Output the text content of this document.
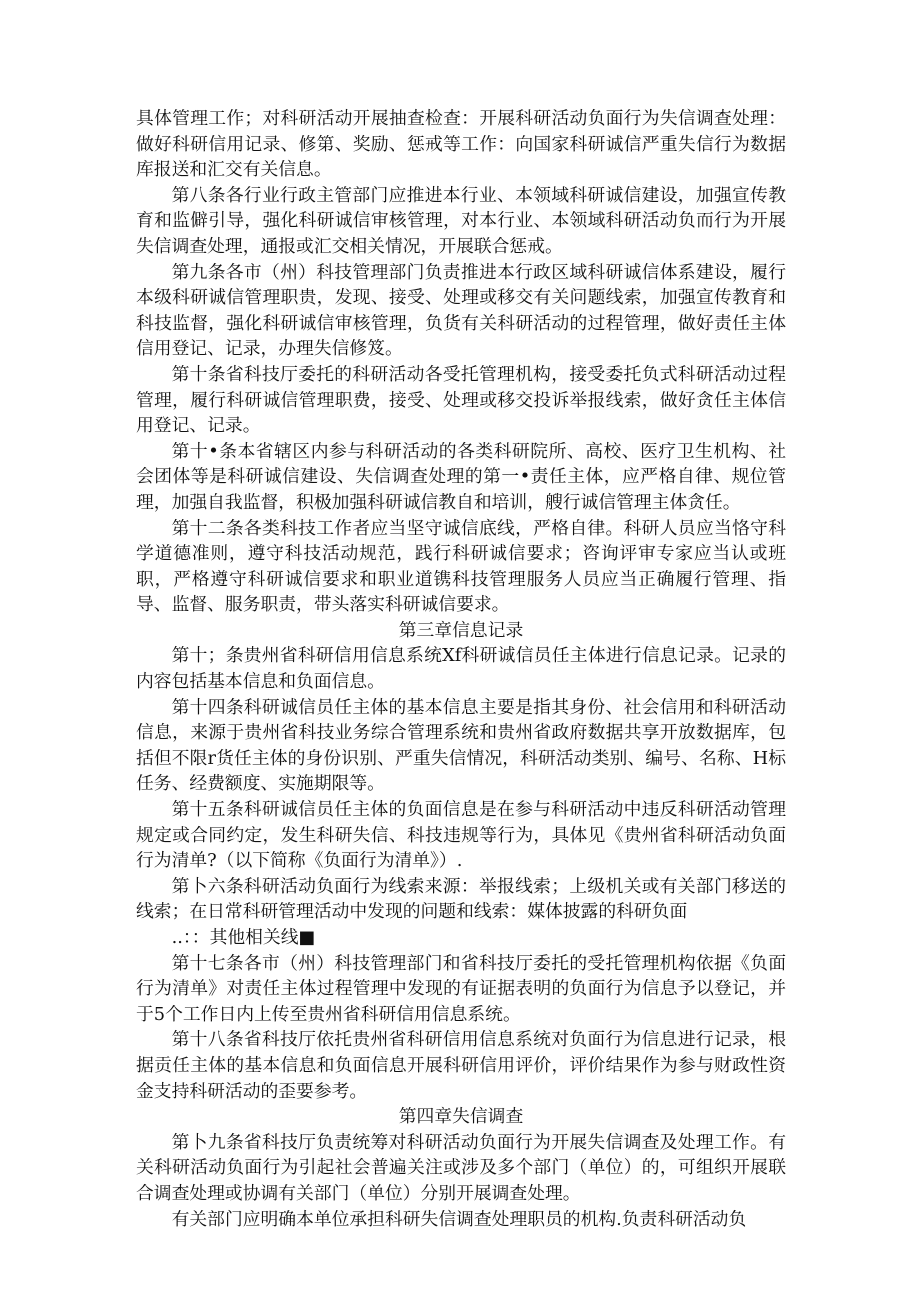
具体管理工作；对科研活动开展抽查检查：开展科研活动负面行为失信调查处理：做好科研信用记录、修第、奖励、惩戒等工作：向国家科研诚信严重失信行为数据库报送和汇交有关信息。

第八条各行业行政主管部门应推进本行业、本领域科研诚信建设，加强宣传教育和监僻引导，强化科研诚信审核管理，对本行业、本领域科研活动负而行为开展失信调查处理，通报或汇交相关情况，开展联合惩戒。

第九条各市（州）科技管理部门负责推进本行政区域科研诚信体系建设，履行本级科研诚信管理职贵，发现、接受、处理或移交有关问题线索，加强宣传教育和科技监督，强化科研诚信审核管理，负货有关科研活动的过程管理，做好责任主体信用登记、记录，办理失信修笈。

第十条省科技厅委托的科研活动各受托管理机构，接受委托负式科研活动过程管理，履行科研诚信管理职费，接受、处理或移交投诉举报线索，做好贪任主体信用登记、记录。

第十•条本省辖区内参与科研活动的各类科研院所、高校、医疗卫生机构、社会团体等是科研诚信建设、失信调查处理的第一•责任主体，应严格自律、规位管理，加强自我监督，积极加强科研诚信教自和培训，艘行诚信管理主体贪任。

第十二条各类科技工作者应当坚守诚信底线，严格自律。科研人员应当恪守科学道德准则，遵守科技活动规范，践行科研诚信要求；咨询评审专家应当认或班职，严格遵守科研诚信要求和职业道镌科技管理服务人员应当正确履行管理、指导、监督、服务职责，带头落实科研诚信要求。

第三章信息记录

第十；条贵州省科研信用信息系统Xf科研诚信员任主体进行信息记录。记录的内容包括基本信息和负面信息。

第十四条科研诚信员任主体的基本信息主要是指其身份、社会信用和科研活动信息，来源于贵州省科技业务综合管理系统和贵州省政府数据共享开放数据库，包括但不限r货任主体的身份识别、严重失信情况，科研活动类别、编号、名称、H标任务、经费额度、实施期限等。

第十五条科研诚信员任主体的负面信息是在参与科研活动中违反科研活动管理规定或合同约定，发生科研失信、科技违规等行为，具体见《贵州省科研活动负面行为清单?（以下简称《负面行为清单》）.

第卜六条科研活动负面行为线索来源：举报线索；上级机关或有关部门移送的线索；在日常科研管理活动中发现的问题和线索：媒体披露的科研负面

..：：其他相关线■

第十七条各市（州）科技管理部门和省科技厅委托的受托管理机构依据《负面行为清单》对责任主体过程管理中发现的有证据表明的负面行为信息予以登记，并于5个工作日内上传至贵州省科研信用信息系统。

第十八条省科技厅依托贵州省科研信用信息系统对负面行为信息进行记录，根据贡任主体的基本信息和负面信息开展科研信用评价，评价结果作为参与财政性资金支持科研活动的歪要参考。

第四章失信调查

第卜九条省科技厅负责统筹对科研活动负面行为开展失信调查及处理工作。有关科研活动负面行为引起社会普遍关注或涉及多个部门（单位）的，可组织开展联合调查处理或协调有关部门（单位）分别开展调查处理。

有关部门应明确本单位承担科研失信调查处理职员的机构.负责科研活动负
